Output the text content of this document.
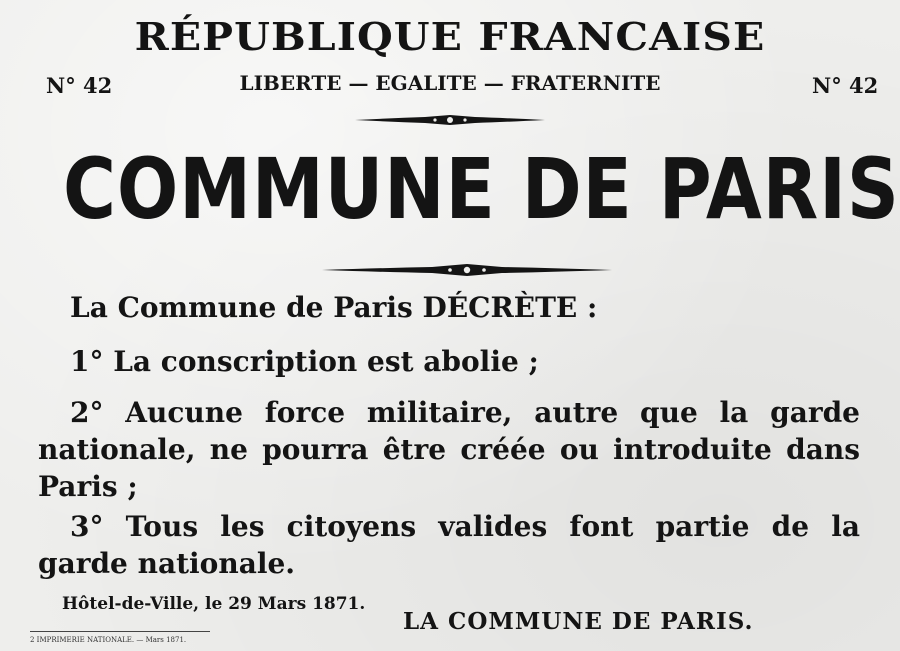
RÉPUBLIQUE FRANCAISE
N° 42	LIBERTE — EGALITE — FRATERNITE	N° 42
COMMUNE DE PARIS
La Commune de Paris DÉCRÈTE :
1° La conscription est abolie ;
2° Aucune force militaire, autre que la garde nationale, ne pourra être créée ou introduite dans Paris ;
3° Tous les citoyens valides font partie de la garde nationale.
Hôtel-de-Ville, le 29 Mars 1871.
LA COMMUNE DE PARIS.
2 IMPRIMERIE NATIONALE. — Mars 1871.
